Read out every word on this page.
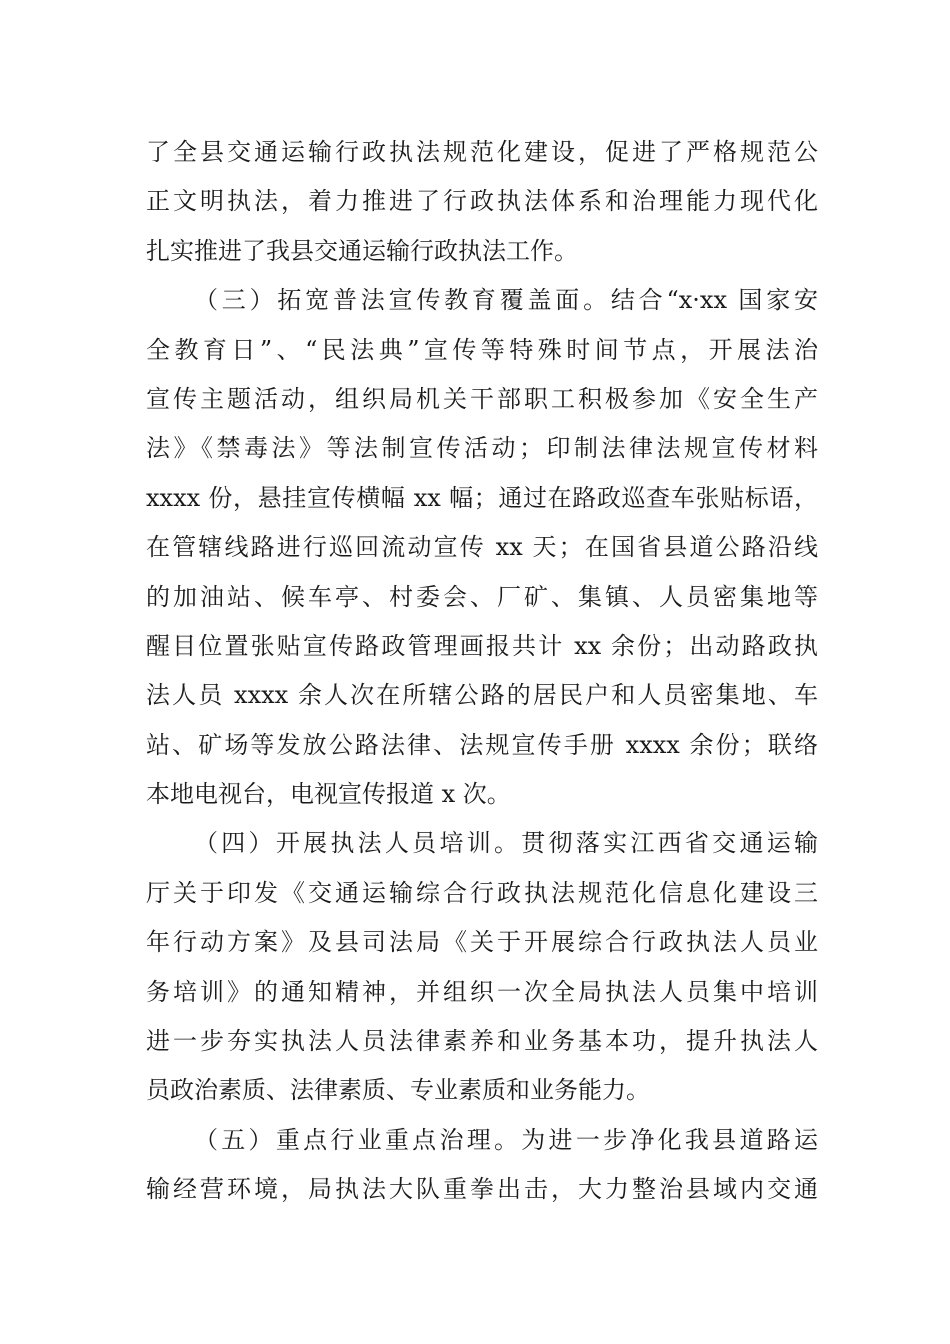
了全县交通运输行政执法规范化建设，促进了严格规范公
正文明执法，着力推进了行政执法体系和治理能力现代化
扎实推进了我县交通运输行政执法工作。
（三）拓宽普法宣传教育覆盖面。结合“x·xx 国家安
全教育日”、“民法典”宣传等特殊时间节点，开展法治
宣传主题活动，组织局机关干部职工积极参加《安全生产
法》《禁毒法》等法制宣传活动；印制法律法规宣传材料
xxxx 份，悬挂宣传横幅 xx 幅；通过在路政巡查车张贴标语，
在管辖线路进行巡回流动宣传 xx 天；在国省县道公路沿线
的加油站、候车亭、村委会、厂矿、集镇、人员密集地等
醒目位置张贴宣传路政管理画报共计 xx 余份；出动路政执
法人员 xxxx 余人次在所辖公路的居民户和人员密集地、车
站、矿场等发放公路法律、法规宣传手册 xxxx 余份；联络
本地电视台，电视宣传报道 x 次。
（四）开展执法人员培训。贯彻落实江西省交通运输
厅关于印发《交通运输综合行政执法规范化信息化建设三
年行动方案》及县司法局《关于开展综合行政执法人员业
务培训》的通知精神，并组织一次全局执法人员集中培训
进一步夯实执法人员法律素养和业务基本功，提升执法人
员政治素质、法律素质、专业素质和业务能力。
（五）重点行业重点治理。为进一步净化我县道路运
输经营环境，局执法大队重拳出击，大力整治县域内交通
